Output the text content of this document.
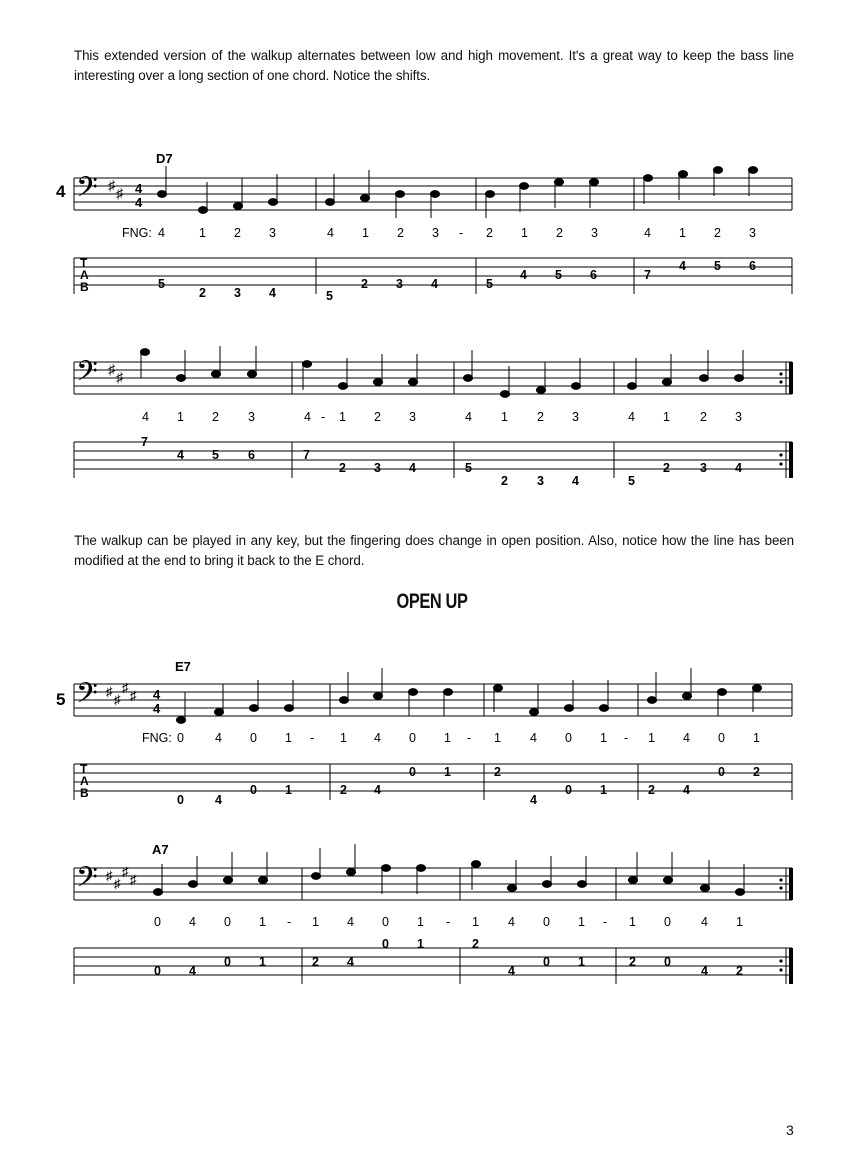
This extended version of the walkup alternates between low and high movement. It's a great way to keep the bass line interesting over a long section of one chord. Notice the shifts.
4
D7
𝄢 ♯ ♯ 4
4
FNG: 4	1 2 3	4 1 2 3 - 2 1 2 3	4 1 2 3
T
A
B	5
2 3 4	5
2 3 4	5
4 5 6	7
4 5 6
𝄢 ♯ ♯
4 1 2 3	4 - 1 2 3	4 1 2 3	4 1 2 3
7
4 5 6	7
2 3 4	5
2 3 4	5
2 3 4
The walkup can be played in any key, but the fingering does change in open position. Also, notice how the line has been modified at the end to bring it back to the E chord.
OPEN UP
5
E7
𝄢 ♯
♯
♯
♯ 4
4
FNG: 0 4 0 1 - 1 4 0 1 - 1 4 0 1 - 1 4 0 1
T
A
B	0 4
0 1	2 4
0 1	2
4
0 1	2 4
0 2
A7
𝄢 ♯
♯
♯
♯
0 4 0 1 - 1 4 0 1 - 1 4 0 1 - 1 0 4 1
0 4
0 1	2 4
0 1	2
4
0 1	2 0
4 2
3
